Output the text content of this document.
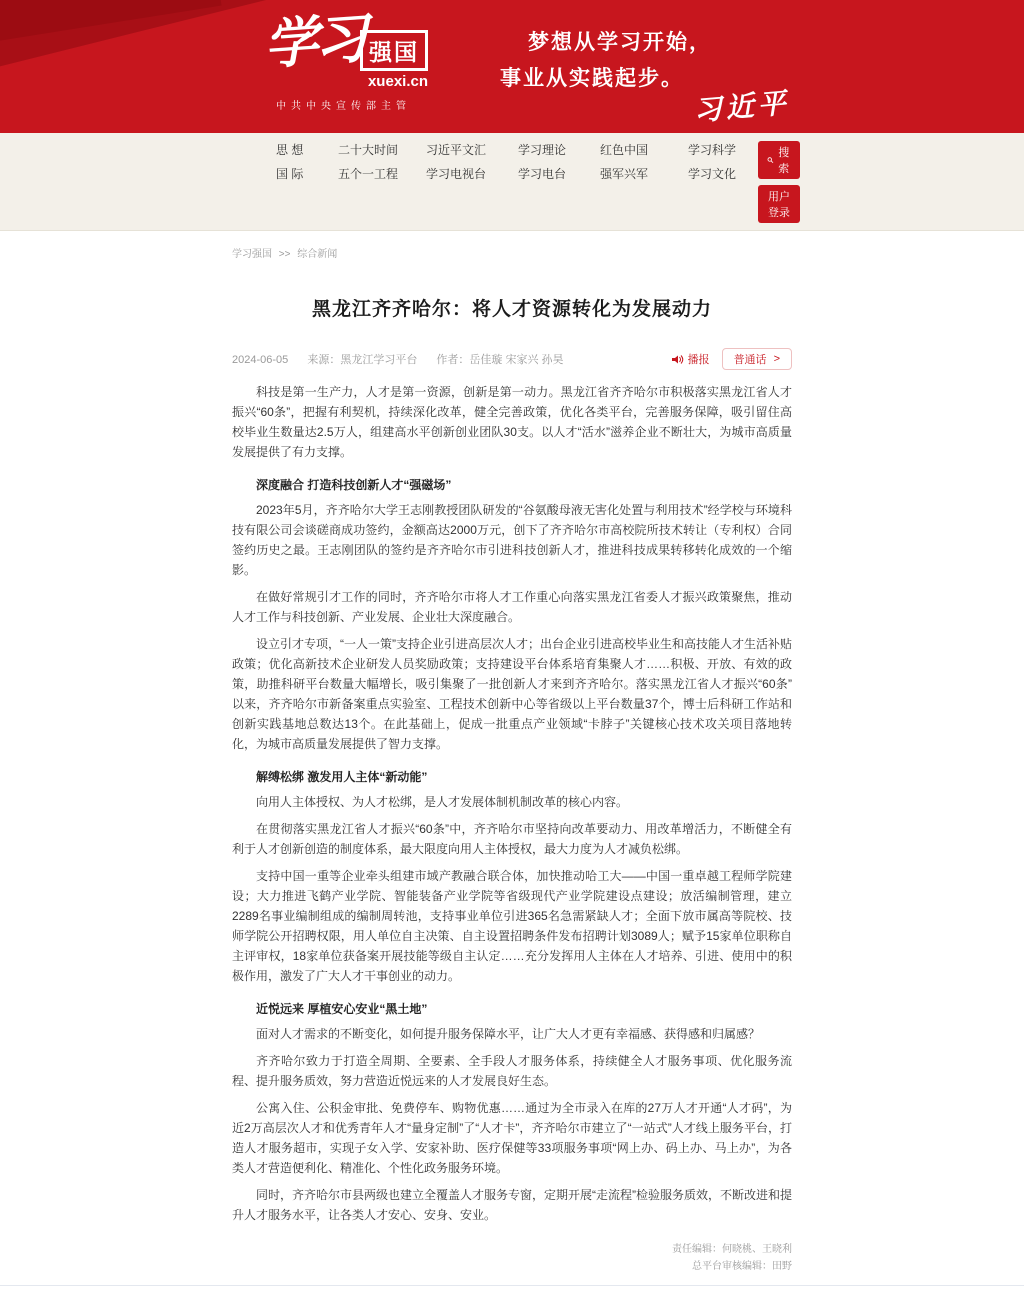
学习 强国
xuexi.cn
中共中央宣传部主管
梦想从学习开始，
事业从实践起步。
习近平
思 想	二十大时间	习近平文汇	学习理论	红色中国	学习科学
国 际	五个一工程	学习电视台	学习电台	强军兴军	学习文化
搜索
用户登录
学习强国 >> 综合新闻
黑龙江齐齐哈尔：将人才资源转化为发展动力
2024-06-05 来源：黑龙江学习平台 作者：岳佳璇 宋家兴 孙昊	播报 普通话 >

科技是第一生产力，人才是第一资源，创新是第一动力。黑龙江省齐齐哈尔市积极落实黑龙江省人才振兴“60条”，把握有利契机，持续深化改革，健全完善政策，优化各类平台，完善服务保障，吸引留住高校毕业生数量达2.5万人，组建高水平创新创业团队30支。以人才“活水”滋养企业不断壮大，为城市高质量发展提供了有力支撑。

深度融合 打造科技创新人才“强磁场”

2023年5月，齐齐哈尔大学王志刚教授团队研发的“谷氨酸母液无害化处置与利用技术”经学校与环境科技有限公司会谈磋商成功签约，金额高达2000万元，创下了齐齐哈尔市高校院所技术转让（专利权）合同签约历史之最。王志刚团队的签约是齐齐哈尔市引进科技创新人才，推进科技成果转移转化成效的一个缩影。

在做好常规引才工作的同时，齐齐哈尔市将人才工作重心向落实黑龙江省委人才振兴政策聚焦，推动人才工作与科技创新、产业发展、企业壮大深度融合。

设立引才专项，“一人一策”支持企业引进高层次人才；出台企业引进高校毕业生和高技能人才生活补贴政策；优化高新技术企业研发人员奖励政策；支持建设平台体系培育集聚人才……积极、开放、有效的政策，助推科研平台数量大幅增长，吸引集聚了一批创新人才来到齐齐哈尔。落实黑龙江省人才振兴“60条”以来，齐齐哈尔市新备案重点实验室、工程技术创新中心等省级以上平台数量37个，博士后科研工作站和创新实践基地总数达13个。在此基础上，促成一批重点产业领域“卡脖子”关键核心技术攻关项目落地转化，为城市高质量发展提供了智力支撑。

解缚松绑 激发用人主体“新动能”

向用人主体授权、为人才松绑，是人才发展体制机制改革的核心内容。

在贯彻落实黑龙江省人才振兴“60条”中，齐齐哈尔市坚持向改革要动力、用改革增活力，不断健全有利于人才创新创造的制度体系，最大限度向用人主体授权，最大力度为人才减负松绑。

支持中国一重等企业牵头组建市域产教融合联合体，加快推动哈工大——中国一重卓越工程师学院建设；大力推进飞鹤产业学院、智能装备产业学院等省级现代产业学院建设点建设；放活编制管理，建立2289名事业编制组成的编制周转池，支持事业单位引进365名急需紧缺人才；全面下放市属高等院校、技师学院公开招聘权限，用人单位自主决策、自主设置招聘条件发布招聘计划3089人；赋予15家单位职称自主评审权，18家单位获备案开展技能等级自主认定……充分发挥用人主体在人才培养、引进、使用中的积极作用，激发了广大人才干事创业的动力。

近悦远来 厚植安心安业“黑土地”

面对人才需求的不断变化，如何提升服务保障水平，让广大人才更有幸福感、获得感和归属感？

齐齐哈尔致力于打造全周期、全要素、全手段人才服务体系，持续健全人才服务事项、优化服务流程、提升服务质效，努力营造近悦远来的人才发展良好生态。

公寓入住、公积金审批、免费停车、购物优惠……通过为全市录入在库的27万人才开通“人才码”，为近2万高层次人才和优秀青年人才“量身定制”了“人才卡”，齐齐哈尔市建立了“一站式”人才线上服务平台，打造人才服务超市，实现子女入学、安家补助、医疗保健等33项服务事项“网上办、码上办、马上办”，为各类人才营造便利化、精准化、个性化政务服务环境。

同时，齐齐哈尔市县两级也建立全覆盖人才服务专窗，定期开展“走流程”检验服务质效，不断改进和提升人才服务水平，让各类人才安心、安身、安业。

责任编辑：何晓桃、王晓利
总平台审核编辑：田野
